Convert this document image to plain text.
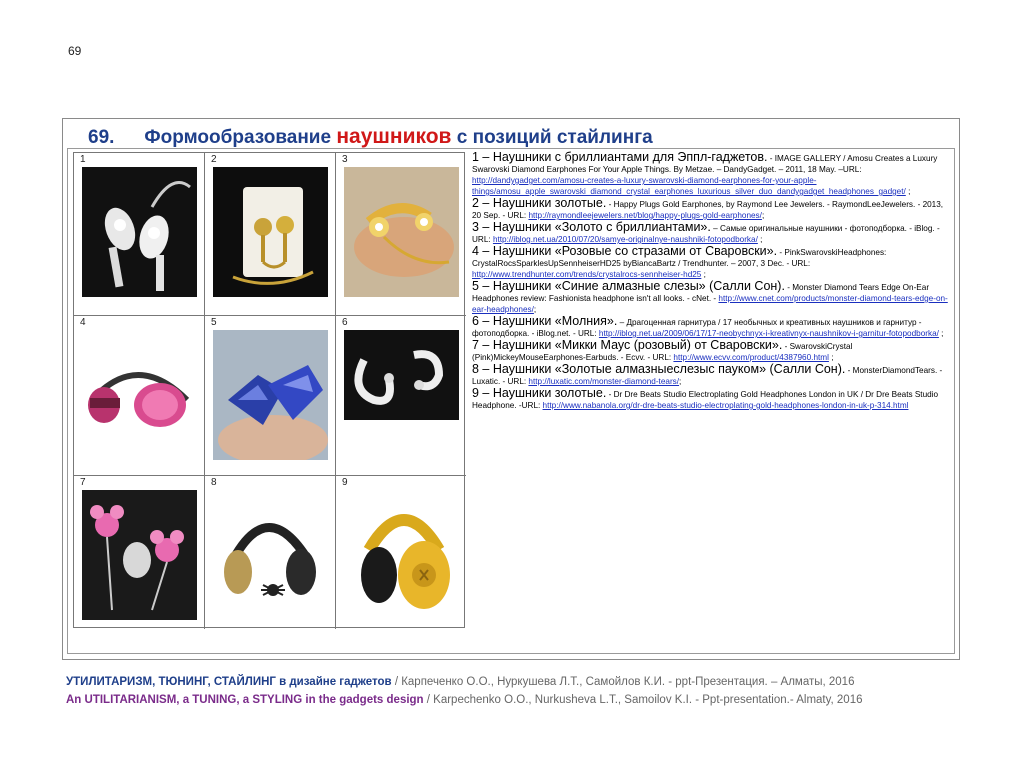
69
69. Формообразование наушников с позиций стайлинга
1	2	3
4	5	6
7	8	9
1 – Наушники с бриллиантами для Эппл-гаджетов. - IMAGE GALLERY / Amosu Creates a Luxury Swarovski Diamond Earphones For Your Apple Things. By Metzae. – DandyGadget. – 2011, 18 May. –URL: http://dandygadget.com/amosu-creates-a-luxury-swarovski-diamond-earphones-for-your-apple-things/amosu_apple_swarovski_diamond_crystal_earphones_luxurious_silver_duo_dandygadget_headphones_gadget/ ;
2 – Наушники золотые. - Happy Plugs Gold Earphones, by Raymond Lee Jewelers. - RaymondLeeJewelers. - 2013, 20 Sep. - URL: http://raymondleejewelers.net/blog/happy-plugs-gold-earphones/;
3 – Наушники «Золото с бриллиантами». – Самые оригинальные наушники - фотоподборка. - iBlog. - URL: http://iblog.net.ua/2010/07/20/samye-originalnye-naushniki-fotopodborka/ ;
4 – Наушники «Розовые со стразами от Сваровски». - PinkSwarovskiHeadphones: CrystalRocsSparklesUpSennheiserHD25 byBiancaBartz / Trendhunter. – 2007, 3 Dec. - URL: http://www.trendhunter.com/trends/crystalrocs-sennheiser-hd25 ;
5 – Наушники «Синие алмазные слезы» (Салли Сон). - Monster Diamond Tears Edge On-Ear Headphones review: Fashionista headphone isn't all looks. - cNet. - http://www.cnet.com/products/monster-diamond-tears-edge-on-ear-headphones/;
6 – Наушники «Молния». – Драгоценная гарнитура / 17 необычных и креативных наушников и гарнитур - фотоподборка. - iBlog.net. - URL: http://iblog.net.ua/2009/06/17/17-neobychnyx-i-kreativnyx-naushnikov-i-garnitur-fotopodborka/ ;
7 – Наушники «Микки Маус (розовый) от Сваровски». - SwarovskiCrystal (Pink)MickeyMouseEarphones-Earbuds. - Ecvv. - URL: http://www.ecvv.com/product/4387960.html ;
8 – Наушники «Золотые алмазныеслезыс пауком» (Салли Сон). - MonsterDiamondTears. - Luxatic. - URL: http://luxatic.com/monster-diamond-tears/;
9 – Наушники золотые. - Dr Dre Beats Studio Electroplating Gold Headphones London in UK / Dr Dre Beats Studio Headphone. -URL: http://www.nabanola.org/dr-dre-beats-studio-electroplating-gold-headphones-london-in-uk-p-314.html
УТИЛИТАРИЗМ, ТЮНИНГ, СТАЙЛИНГ в дизайне гаджетов / Карпеченко О.О., Нуркушева Л.Т., Самойлов К.И. - ppt-Презентация. – Алматы, 2016
An UTILITARIANISM, a TUNING, a STYLING in the gadgets design / Karpechenko O.O., Nurkusheva L.T., Samoilov K.I. - Ppt-presentation.- Almaty, 2016
